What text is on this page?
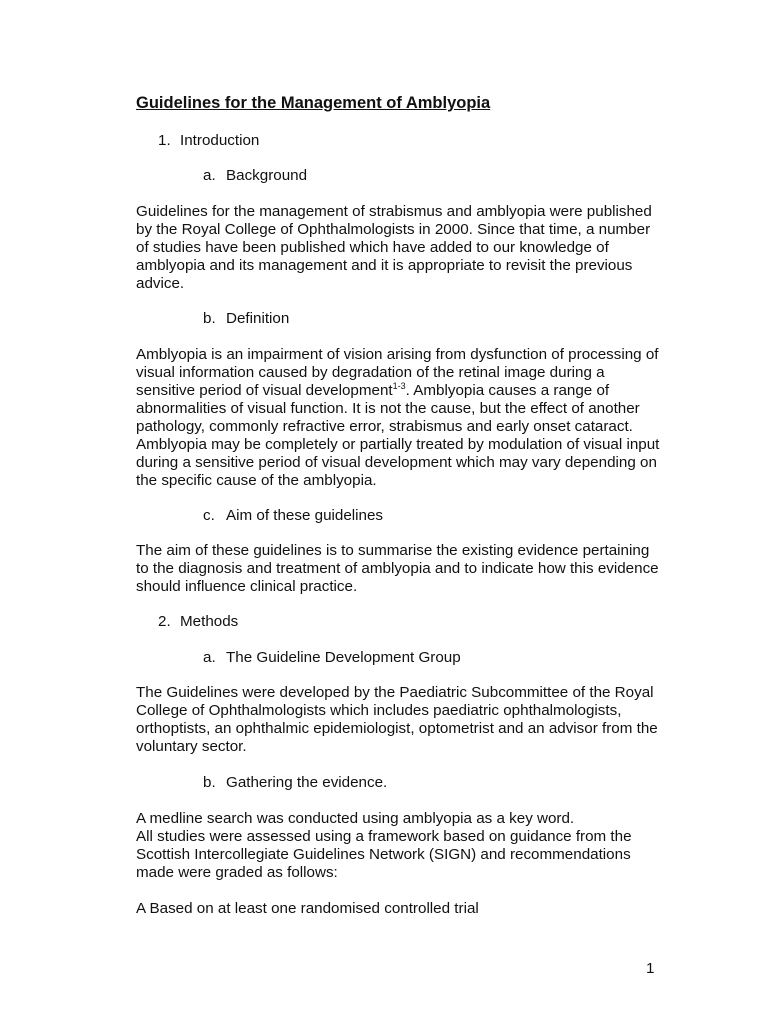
Guidelines for the Management of Amblyopia
1. Introduction
a. Background
Guidelines for the management of strabismus and amblyopia were published
by the Royal College of Ophthalmologists in 2000. Since that time, a number
of studies have been published which have added to our knowledge of
amblyopia and its management and it is appropriate to revisit the previous
advice.
b. Definition
Amblyopia is an impairment of vision arising from dysfunction of processing of
visual information caused by degradation of the retinal image during a
sensitive period of visual development$^{1-3}$. Amblyopia causes a range of
abnormalities of visual function. It is not the cause, but the effect of another
pathology, commonly refractive error, strabismus and early onset cataract.
Amblyopia may be completely or partially treated by modulation of visual input
during a sensitive period of visual development which may vary depending on
the specific cause of the amblyopia.
c. Aim of these guidelines
The aim of these guidelines is to summarise the existing evidence pertaining
to the diagnosis and treatment of amblyopia and to indicate how this evidence
should influence clinical practice.
2. Methods
a. The Guideline Development Group
The Guidelines were developed by the Paediatric Subcommittee of the Royal
College of Ophthalmologists which includes paediatric ophthalmologists,
orthoptists, an ophthalmic epidemiologist, optometrist and an advisor from the
voluntary sector.
b. Gathering the evidence.
A medline search was conducted using amblyopia as a key word.
All studies were assessed using a framework based on guidance from the
Scottish Intercollegiate Guidelines Network (SIGN) and recommendations
made were graded as follows:
A Based on at least one randomised controlled trial
1
